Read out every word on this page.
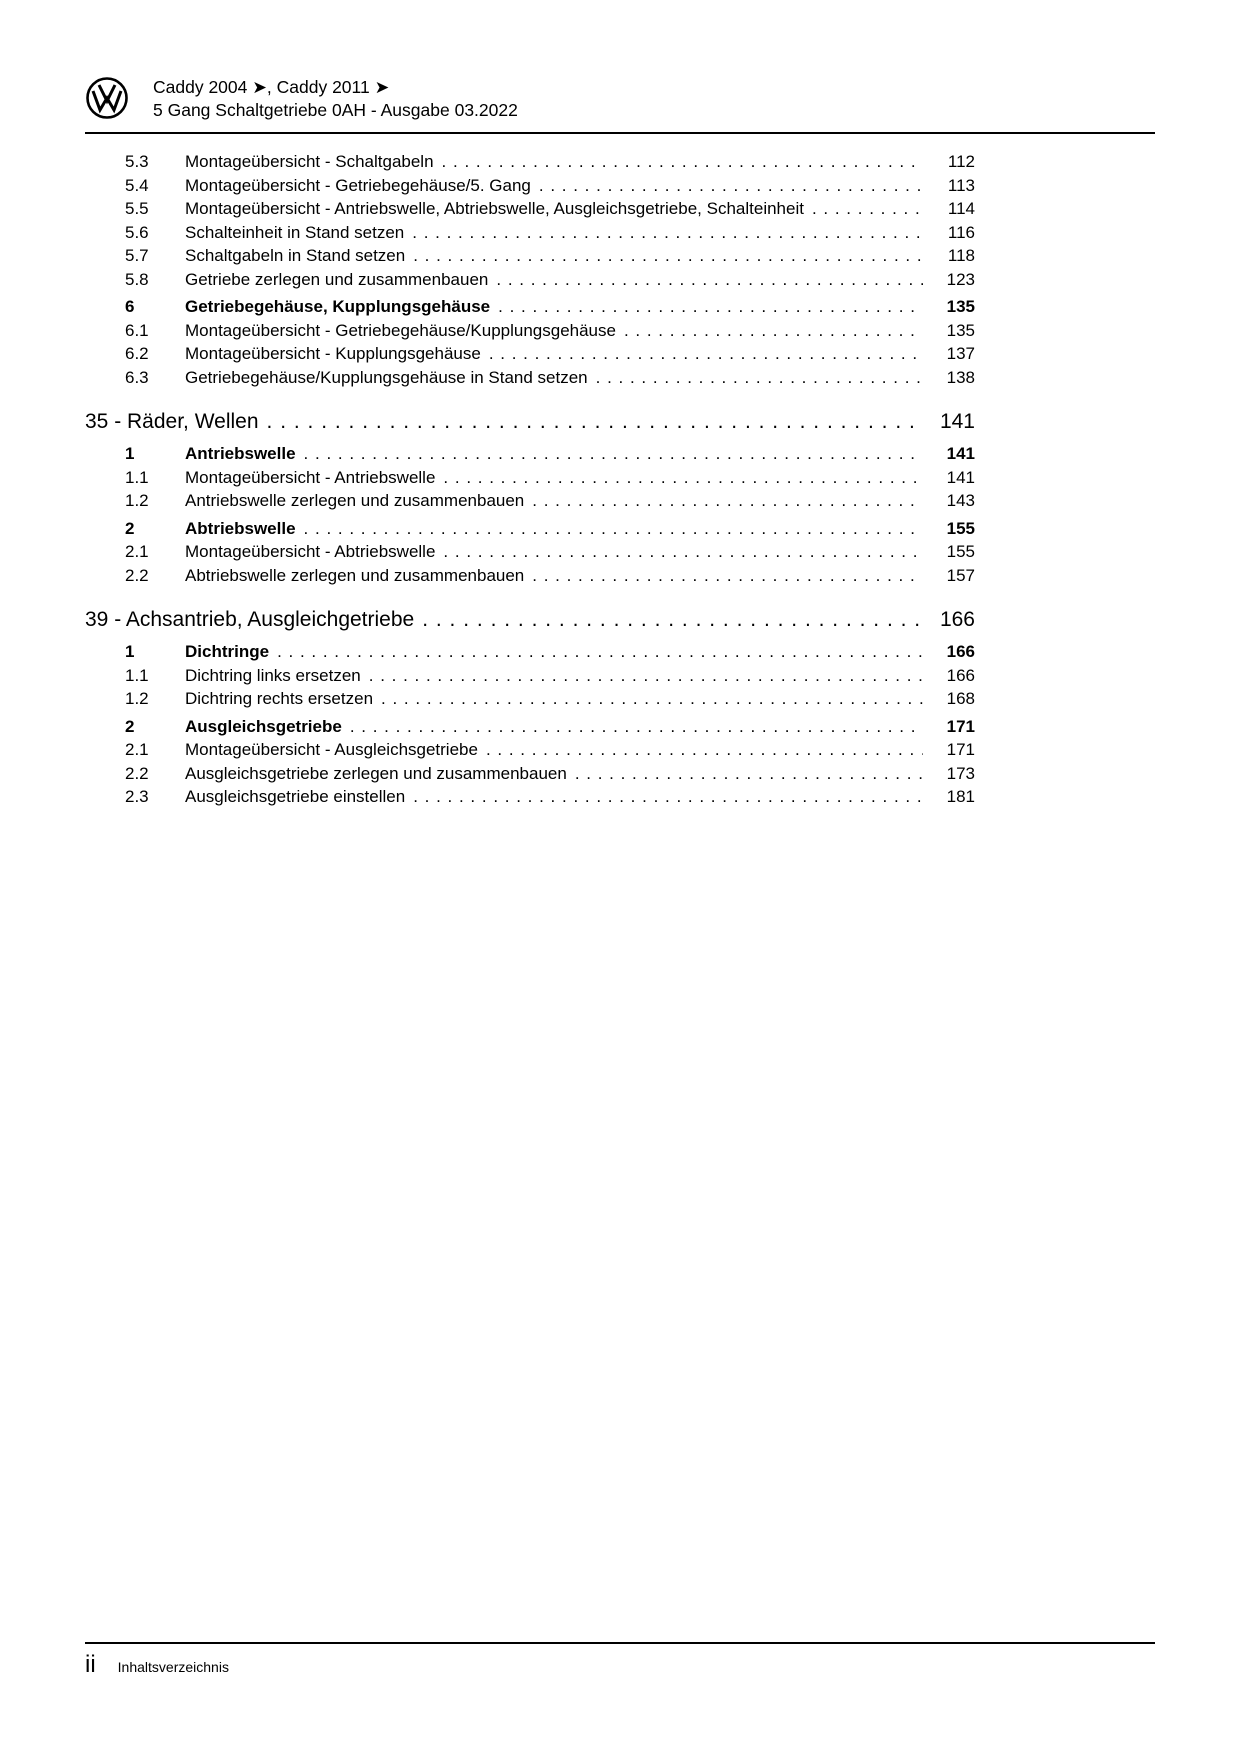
Caddy 2004 ➤, Caddy 2011 ➤
5 Gang Schaltgetriebe 0AH - Ausgabe 03.2022
5.3	Montageübersicht - Schaltgabeln . . .	112
5.4	Montageübersicht - Getriebegehäuse/5. Gang . . .	113
5.5	Montageübersicht - Antriebswelle, Abtriebswelle, Ausgleichsgetriebe, Schalteinheit . . .	114
5.6	Schalteinheit in Stand setzen . . .	116
5.7	Schaltgabeln in Stand setzen . . .	118
5.8	Getriebe zerlegen und zusammenbauen . . .	123
6	Getriebegehäuse, Kupplungsgehäuse . . .	135
6.1	Montageübersicht - Getriebegehäuse/Kupplungsgehäuse . . .	135
6.2	Montageübersicht - Kupplungsgehäuse . . .	137
6.3	Getriebegehäuse/Kupplungsgehäuse in Stand setzen . . .	138
35 - Räder, Wellen . . .	141
1	Antriebswelle . . .	141
1.1	Montageübersicht - Antriebswelle . . .	141
1.2	Antriebswelle zerlegen und zusammenbauen . . .	143
2	Abtriebswelle . . .	155
2.1	Montageübersicht - Abtriebswelle . . .	155
2.2	Abtriebswelle zerlegen und zusammenbauen . . .	157
39 - Achsantrieb, Ausgleichgetriebe . . .	166
1	Dichtringe . . .	166
1.1	Dichtring links ersetzen . . .	166
1.2	Dichtring rechts ersetzen . . .	168
2	Ausgleichsgetriebe . . .	171
2.1	Montageübersicht - Ausgleichsgetriebe . . .	171
2.2	Ausgleichsgetriebe zerlegen und zusammenbauen . . .	173
2.3	Ausgleichsgetriebe einstellen . . .	181
ii Inhaltsverzeichnis
